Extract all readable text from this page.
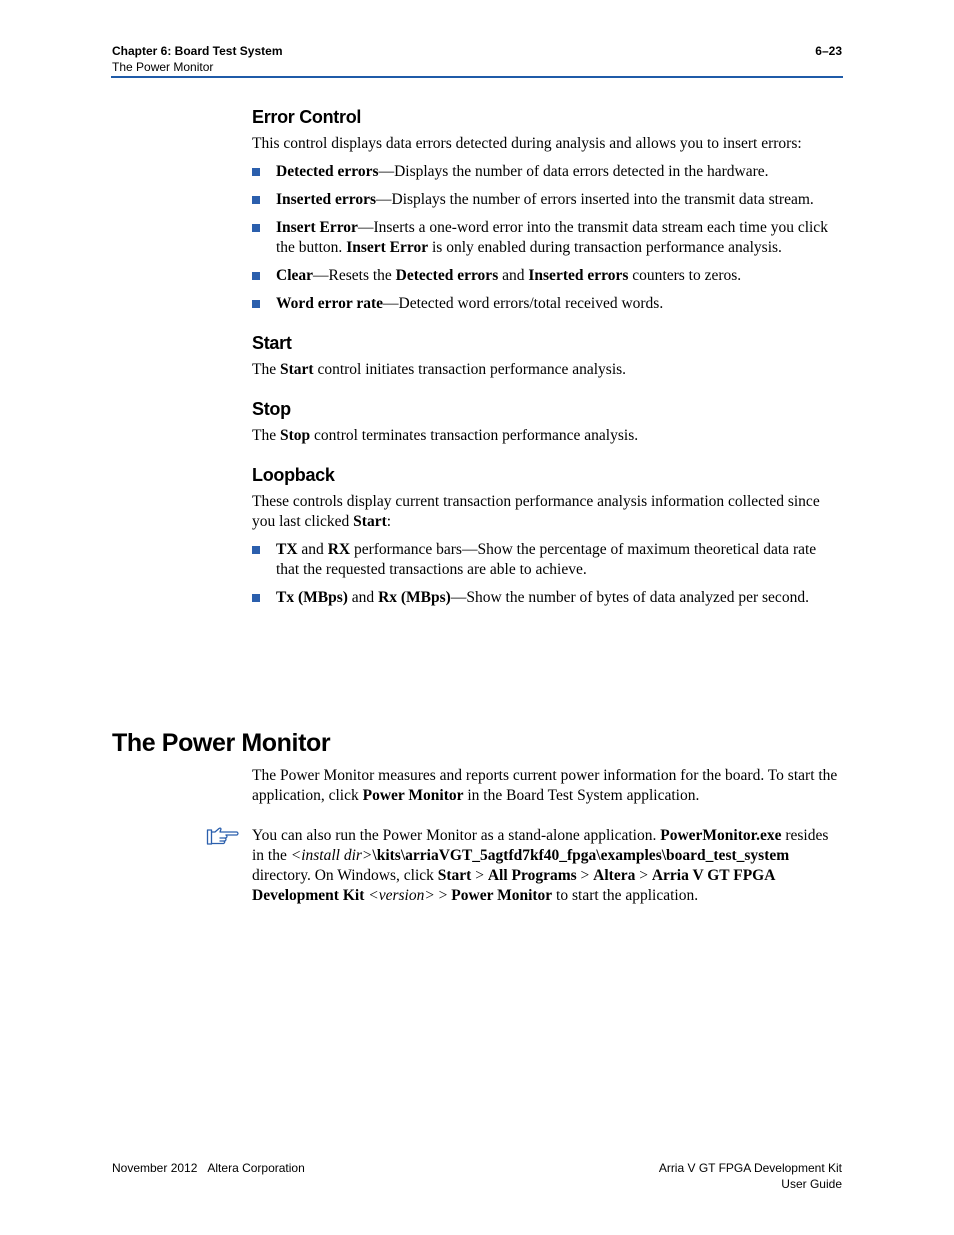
Chapter 6: Board Test System
The Power Monitor
6–23
Error Control

This control displays data errors detected during analysis and allows you to insert errors:

Detected errors—Displays the number of data errors detected in the hardware.
Inserted errors—Displays the number of errors inserted into the transmit data stream.
Insert Error—Inserts a one-word error into the transmit data stream each time you click the button. Insert Error is only enabled during transaction performance analysis.
Clear—Resets the Detected errors and Inserted errors counters to zeros.
Word error rate—Detected word errors/total received words.
Start

The Start control initiates transaction performance analysis.

Stop

The Stop control terminates transaction performance analysis.

Loopback

These controls display current transaction performance analysis information collected since you last clicked Start:

TX and RX performance bars—Show the percentage of maximum theoretical data rate that the requested transactions are able to achieve.
Tx (MBps) and Rx (MBps)—Show the number of bytes of data analyzed per second.
The Power Monitor

The Power Monitor measures and reports current power information for the board. To start the application, click Power Monitor in the Board Test System application.

You can also run the Power Monitor as a stand-alone application. PowerMonitor.exe resides in the <install dir>\kits\arriaVGT_5agtfd7kf40_fpga\examples\board_test_system directory. On Windows, click Start > All Programs > Altera > Arria V GT FPGA Development Kit <version> > Power Monitor to start the application.

November 2012 Altera Corporation	Arria V GT FPGA Development Kit
User Guide
